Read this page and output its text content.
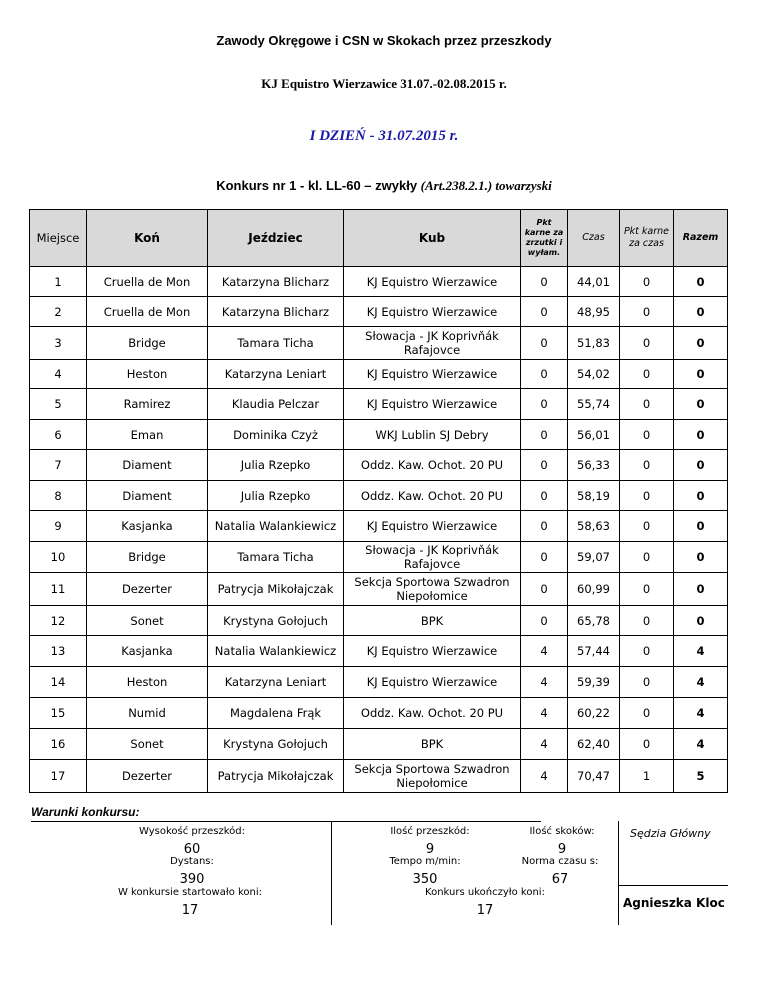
Zawody Okręgowe i CSN w Skokach przez przeszkody
KJ Equistro Wierzawice 31.07.-02.08.2015 r.
I DZIEŃ - 31.07.2015 r.
Konkurs nr 1 - kl. LL-60 – zwykły (Art.238.2.1.) towarzyski
Miejsce	Koń	Jeździec	Kub	Pkt karne za zrzutki i wyłam.	Czas	Pkt karne za czas	Razem
1	Cruella de Mon	Katarzyna Blicharz	KJ Equistro Wierzawice	0	44,01	0	0
2	Cruella de Mon	Katarzyna Blicharz	KJ Equistro Wierzawice	0	48,95	0	0
3	Bridge	Tamara Ticha	Słowacja - JK Koprivňák Rafajovce	0	51,83	0	0
4	Heston	Katarzyna Leniart	KJ Equistro Wierzawice	0	54,02	0	0
5	Ramirez	Klaudia Pelczar	KJ Equistro Wierzawice	0	55,74	0	0
6	Eman	Dominika Czyż	WKJ Lublin SJ Debry	0	56,01	0	0
7	Diament	Julia Rzepko	Oddz. Kaw. Ochot. 20 PU	0	56,33	0	0
8	Diament	Julia Rzepko	Oddz. Kaw. Ochot. 20 PU	0	58,19	0	0
9	Kasjanka	Natalia Walankiewicz	KJ Equistro Wierzawice	0	58,63	0	0
10	Bridge	Tamara Ticha	Słowacja - JK Koprivňák Rafajovce	0	59,07	0	0
11	Dezerter	Patrycja Mikołajczak	Sekcja Sportowa Szwadron Niepołomice	0	60,99	0	0
12	Sonet	Krystyna Gołojuch	BPK	0	65,78	0	0
13	Kasjanka	Natalia Walankiewicz	KJ Equistro Wierzawice	4	57,44	0	4
14	Heston	Katarzyna Leniart	KJ Equistro Wierzawice	4	59,39	0	4
15	Numid	Magdalena Frąk	Oddz. Kaw. Ochot. 20 PU	4	60,22	0	4
16	Sonet	Krystyna Gołojuch	BPK	4	62,40	0	4
17	Dezerter	Patrycja Mikołajczak	Sekcja Sportowa Szwadron Niepołomice	4	70,47	1	5
Warunki konkursu:
Wysokość przeszkód:
60
Dystans:
390
W konkursie startowało koni:
17
Ilość przeszkód:
9
Ilość skoków:
9
Tempo m/min:
350
Norma czasu s:
67
Konkurs ukończyło koni:
17
Sędzia Główny
Agnieszka Kloc
